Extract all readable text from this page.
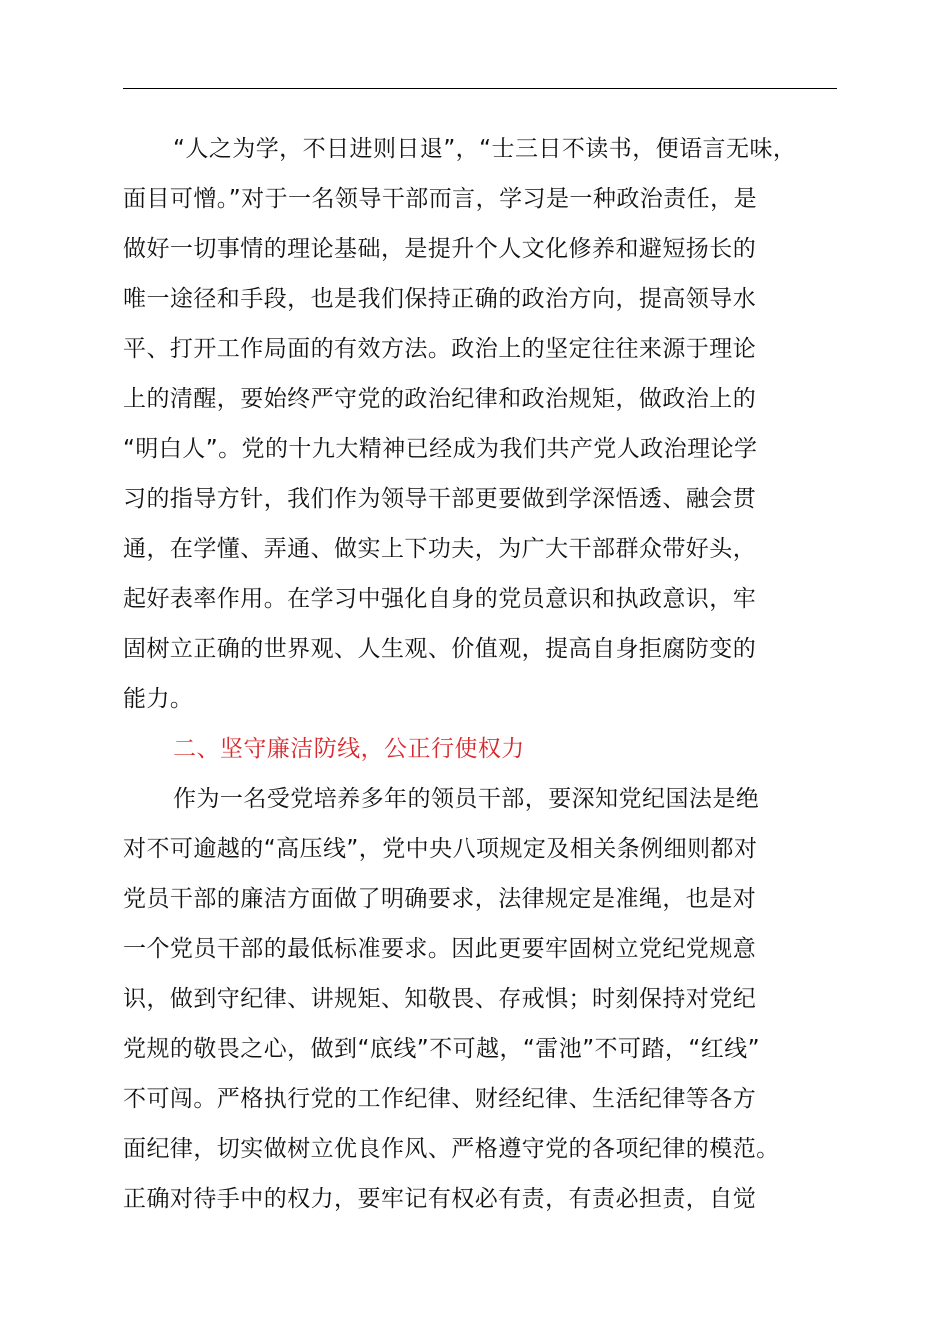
“人之为学，不日进则日退”，“士三日不读书，便语言无味，
面目可憎。”对于一名领导干部而言，学习是一种政治责任，是
做好一切事情的理论基础，是提升个人文化修养和避短扬长的
唯一途径和手段，也是我们保持正确的政治方向，提高领导水
平、打开工作局面的有效方法。政治上的坚定往往来源于理论
上的清醒，要始终严守党的政治纪律和政治规矩，做政治上的
“明白人”。党的十九大精神已经成为我们共产党人政治理论学
习的指导方针，我们作为领导干部更要做到学深悟透、融会贯
通，在学懂、弄通、做实上下功夫，为广大干部群众带好头，
起好表率作用。在学习中强化自身的党员意识和执政意识，牢
固树立正确的世界观、人生观、价值观，提高自身拒腐防变的
能力。
二、坚守廉洁防线，公正行使权力
作为一名受党培养多年的领员干部，要深知党纪国法是绝
对不可逾越的“高压线”，党中央八项规定及相关条例细则都对
党员干部的廉洁方面做了明确要求，法律规定是准绳，也是对
一个党员干部的最低标准要求。因此更要牢固树立党纪党规意
识，做到守纪律、讲规矩、知敬畏、存戒惧；时刻保持对党纪
党规的敬畏之心，做到“底线”不可越，“雷池”不可踏，“红线”
不可闯。严格执行党的工作纪律、财经纪律、生活纪律等各方
面纪律，切实做树立优良作风、严格遵守党的各项纪律的模范。
正确对待手中的权力，要牢记有权必有责，有责必担责，自觉
